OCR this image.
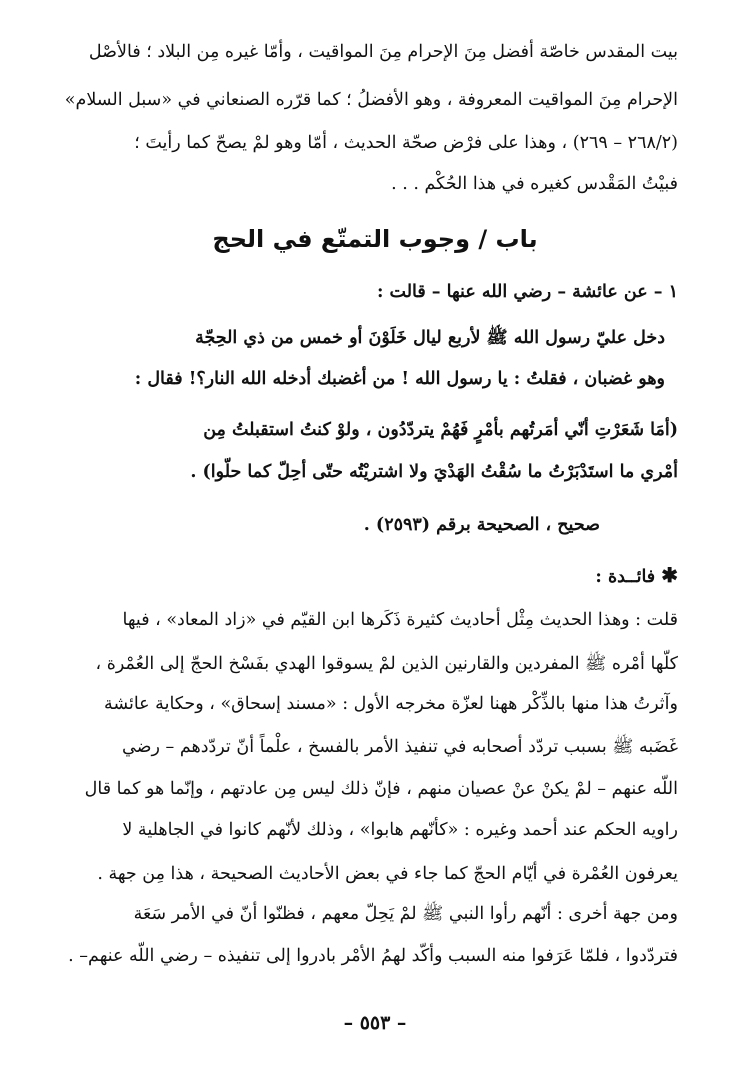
بيت المقدس خاصّة أفضل مِنَ الإحرام مِنَ المواقيت ، وأمّا غيره مِن البلاد ؛ فالأصْل
الإحرام مِنَ المواقيت المعروفة ، وهو الأفضلُ ؛ كما قرّره الصنعاني في «سبل السلام»
(٢٦٨/٢ – ٢٦٩) ، وهذا على فرْض صحّة الحديث ، أمّا وهو لمْ يصحّ كما رأيتَ ؛
فبيْتُ المَقْدس كغيره في هذا الحُكْم . . .
باب / وجوب التمتّع في الحج
١ – عن عائشة – رضي الله عنها – قالت :
دخل عليّ رسول الله ﷺ لأربع ليال خَلَوْنَ أو خمس من ذي الحِجّة
وهو غضبان ، فقلتُ : يا رسول الله ! من أغضبك أدخله الله النار؟! فقال :
(أمَا شَعَرْتِ أنّي أمَرتُهم بأمْرٍ فَهُمْ يتردّدُون ، ولوْ كنتُ استقبلتُ مِن
أمْري ما استَدْبَرْتُ ما سُقْتُ الهَدْيَ ولا اشتريْتُه حتّى أحِلّ كما حلّوا) .
صحيح ، الصحيحة برقم (٢٥٩٣) .
✱ فائــدة :
قلت : وهذا الحديث مِثْل أحاديث كثيرة ذَكَرها ابن القيّم في «زاد المعاد» ، فيها
كلّها أمْره ﷺ المفردين والقارنين الذين لمْ يسوقوا الهدي بفَسْخ الحجّ إلى العُمْرة ،
وآثرتُ هذا منها بالذِّكْر ههنا لعزّة مخرجه الأول : «مسند إسحاق» ، وحكاية عائشة
غَضَبه ﷺ بسبب تردّد أصحابه في تنفيذ الأمر بالفسخ ، علْماً أنّ تردّدهم – رضي
اللّه عنهم – لمْ يكنْ عنْ عصيان منهم ، فإنّ ذلك ليس مِن عادتهم ، وإنّما هو كما قال
راويه الحكم عند أحمد وغيره : «كأنّهم هابوا» ، وذلك لأنّهم كانوا في الجاهلية لا
يعرفون العُمْرة في أيّام الحجّ كما جاء في بعض الأحاديث الصحيحة ، هذا مِن جهة .
ومن جهة أخرى : أنّهم رأوا النبي ﷺ لمْ يَحِلّ معهم ، فظنّوا أنّ في الأمر سَعَة
فتردّدوا ، فلمّا عَرَفوا منه السبب وأكّد لهمُ الأمْر بادروا إلى تنفيذه – رضي اللّه عنهم– .
– ٥٥٣ –
